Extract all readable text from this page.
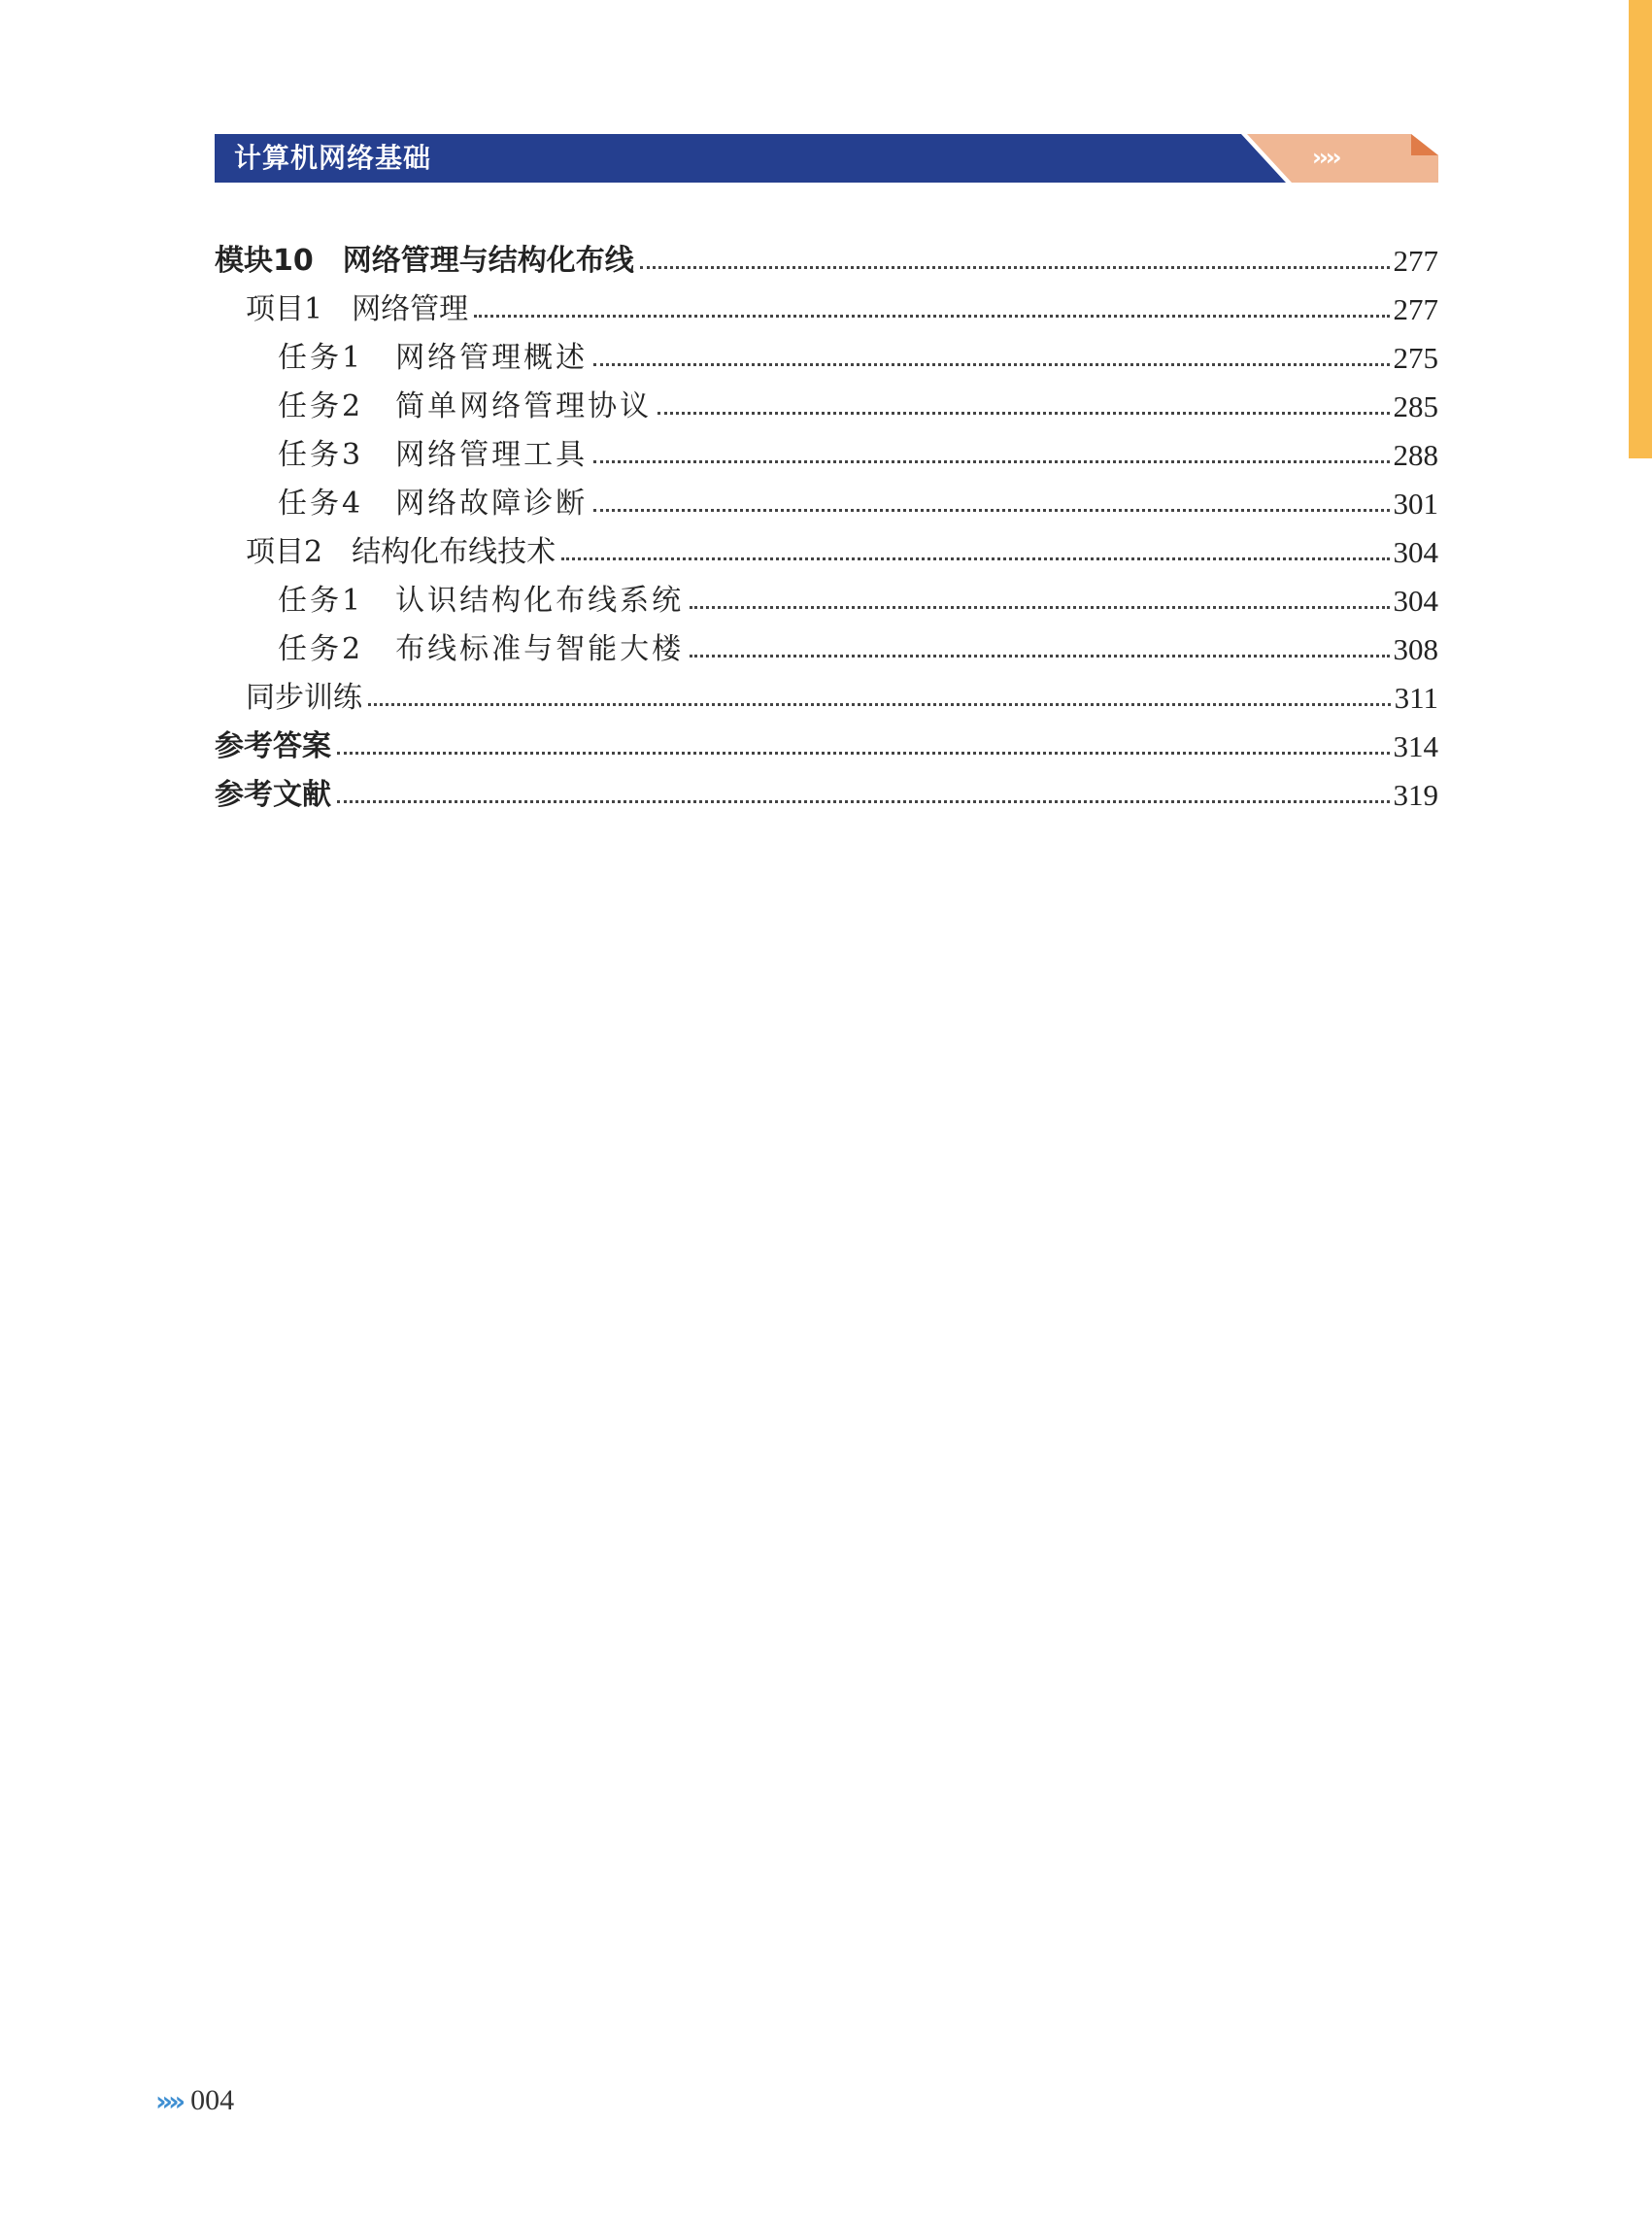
计算机网络基础	››››
模块10　网络管理与结构化布线	277
项目1　网络管理	277
任务1　网络管理概述	275
任务2　简单网络管理协议	285
任务3　网络管理工具	288
任务4　网络故障诊断	301
项目2　结构化布线技术	304
任务1　认识结构化布线系统	304
任务2　布线标准与智能大楼	308
同步训练	311
参考答案	314
参考文献	319
›››› 004
